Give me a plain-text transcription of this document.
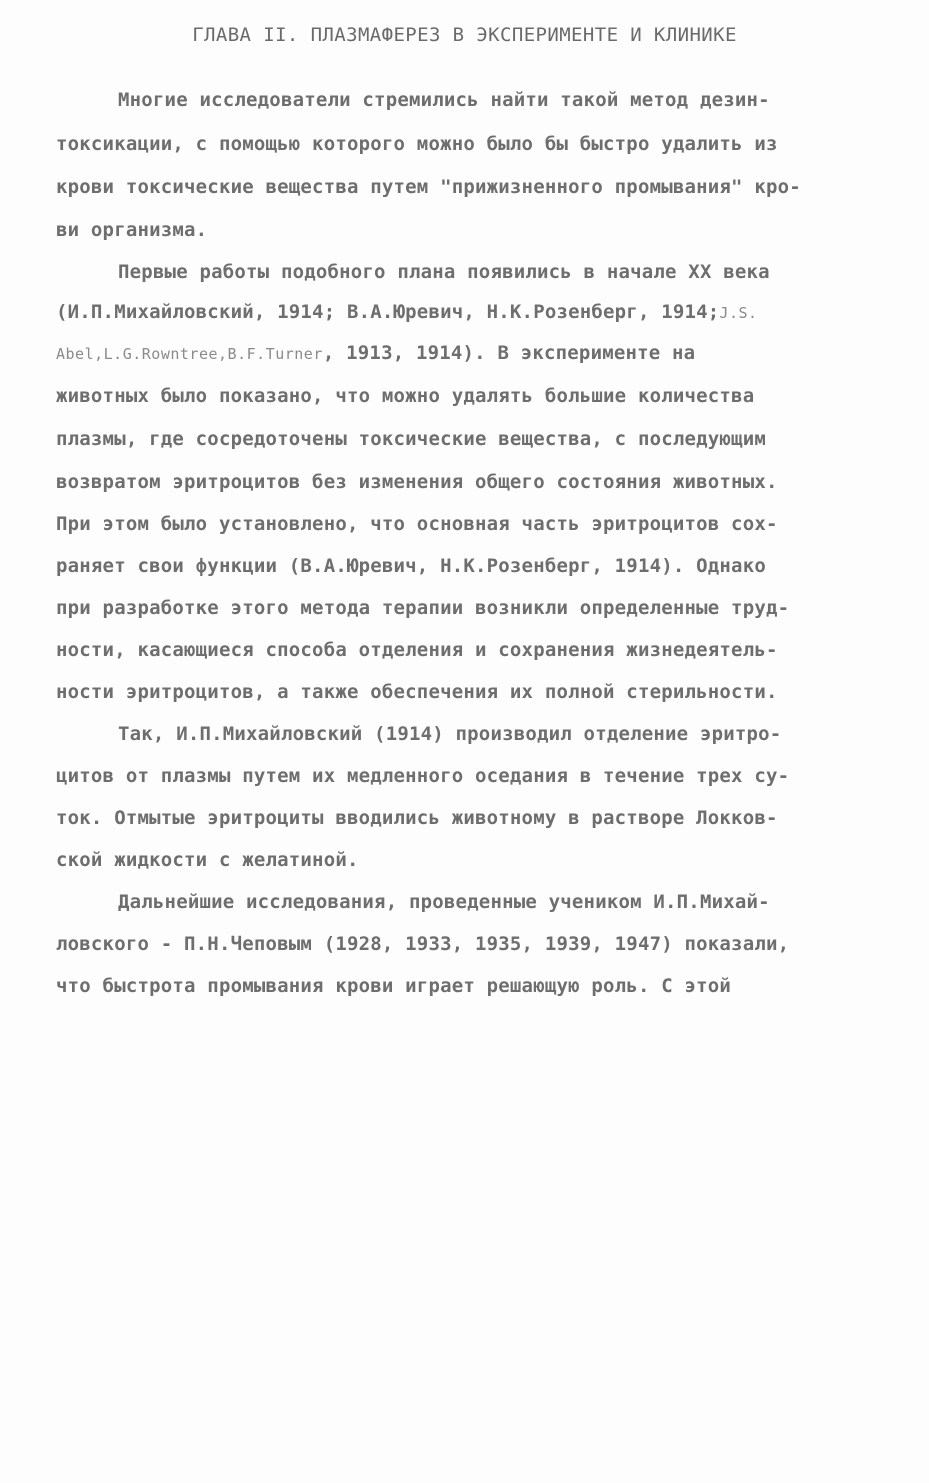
ГЛАВА II. ПЛАЗМАФЕРЕЗ В ЭКСПЕРИМЕНТЕ И КЛИНИКЕ
Многие исследователи стремились найти такой метод дезин-
токсикации, с помощью которого можно было бы быстро удалить из
крови токсические вещества путем "прижизненного промывания" кро-
ви организма.
Первые работы подобного плана появились в начале XX века
(И.П.Михайловский, 1914; В.А.Юревич, Н.К.Розенберг, 1914;J.S.
Abel,L.G.Rowntree,B.F.Turner, 1913, 1914). В эксперименте на
животных было показано, что можно удалять большие количества
плазмы, где сосредоточены токсические вещества, с последующим
возвратом эритроцитов без изменения общего состояния животных.
При этом было установлено, что основная часть эритроцитов сох-
раняет свои функции (В.А.Юревич, Н.К.Розенберг, 1914). Однако
при разработке этого метода терапии возникли определенные труд-
ности, касающиеся способа отделения и сохранения жизнедеятель-
ности эритроцитов, а также обеспечения их полной стерильности.
Так, И.П.Михайловский (1914) производил отделение эритро-
цитов от плазмы путем их медленного оседания в течение трех су-
ток. Отмытые эритроциты вводились животному в растворе Локков-
ской жидкости с желатиной.
Дальнейшие исследования, проведенные учеником И.П.Михай-
ловского - П.Н.Чеповым (1928, 1933, 1935, 1939, 1947) показали,
что быстрота промывания крови играет решающую роль. С этой
